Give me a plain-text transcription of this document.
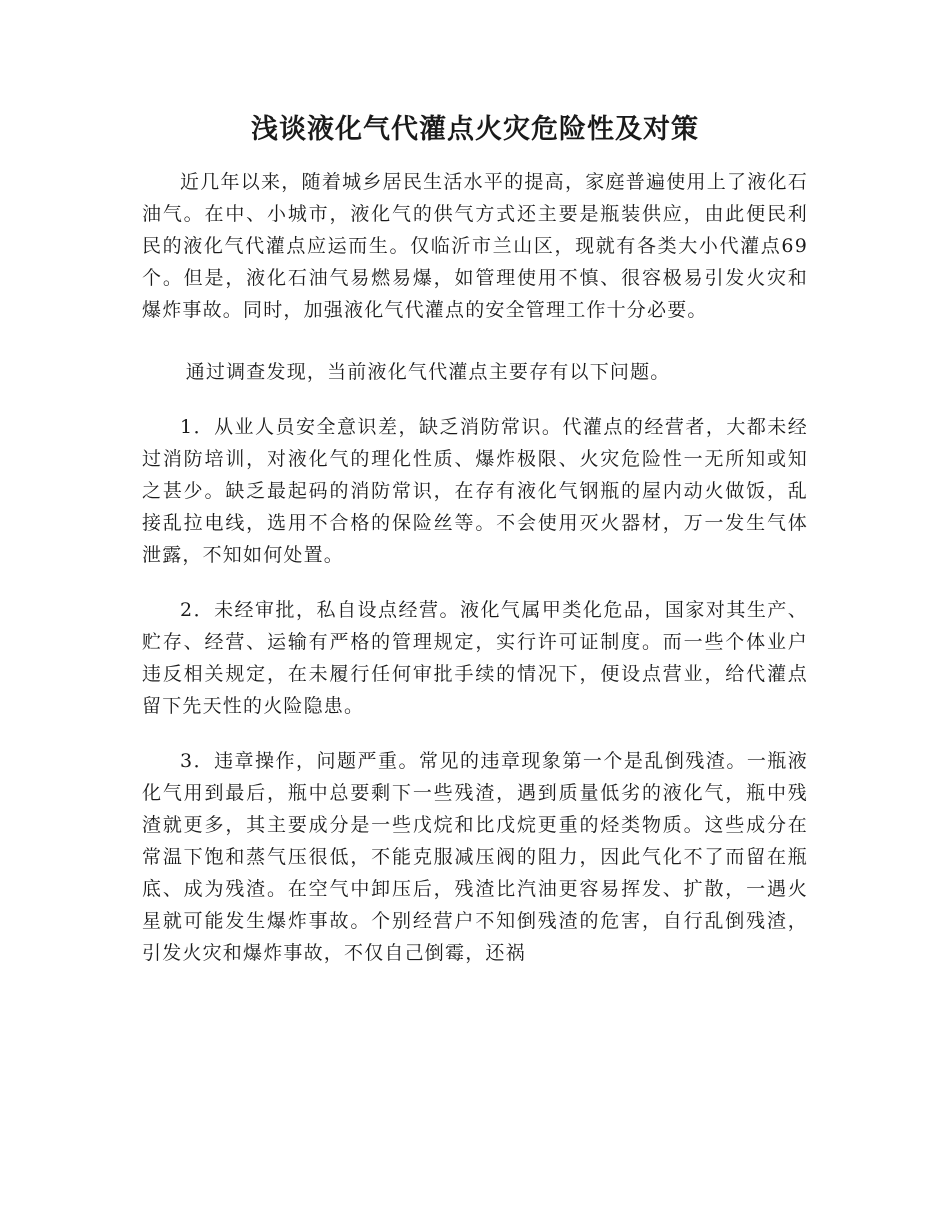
浅谈液化气代灌点火灾危险性及对策

近几年以来，随着城乡居民生活水平的提高，家庭普遍使用上了液化石油气。在中、小城市，液化气的供气方式还主要是瓶装供应，由此便民利民的液化气代灌点应运而生。仅临沂市兰山区，现就有各类大小代灌点69个。但是，液化石油气易燃易爆，如管理使用不慎、很容极易引发火灾和爆炸事故。同时，加强液化气代灌点的安全管理工作十分必要。

通过调查发现，当前液化气代灌点主要存有以下问题。

1．从业人员安全意识差，缺乏消防常识。代灌点的经营者，大都未经过消防培训，对液化气的理化性质、爆炸极限、火灾危险性一无所知或知之甚少。缺乏最起码的消防常识，在存有液化气钢瓶的屋内动火做饭，乱接乱拉电线，选用不合格的保险丝等。不会使用灭火器材，万一发生气体泄露，不知如何处置。

2．未经审批，私自设点经营。液化气属甲类化危品，国家对其生产、贮存、经营、运输有严格的管理规定，实行许可证制度。而一些个体业户违反相关规定，在未履行任何审批手续的情况下，便设点营业，给代灌点留下先天性的火险隐患。

3．违章操作，问题严重。常见的违章现象第一个是乱倒残渣。一瓶液化气用到最后，瓶中总要剩下一些残渣，遇到质量低劣的液化气，瓶中残渣就更多，其主要成分是一些戊烷和比戊烷更重的烃类物质。这些成分在常温下饱和蒸气压很低，不能克服减压阀的阻力，因此气化不了而留在瓶底、成为残渣。在空气中卸压后，残渣比汽油更容易挥发、扩散，一遇火星就可能发生爆炸事故。个别经营户不知倒残渣的危害，自行乱倒残渣，引发火灾和爆炸事故，不仅自己倒霉，还祸
